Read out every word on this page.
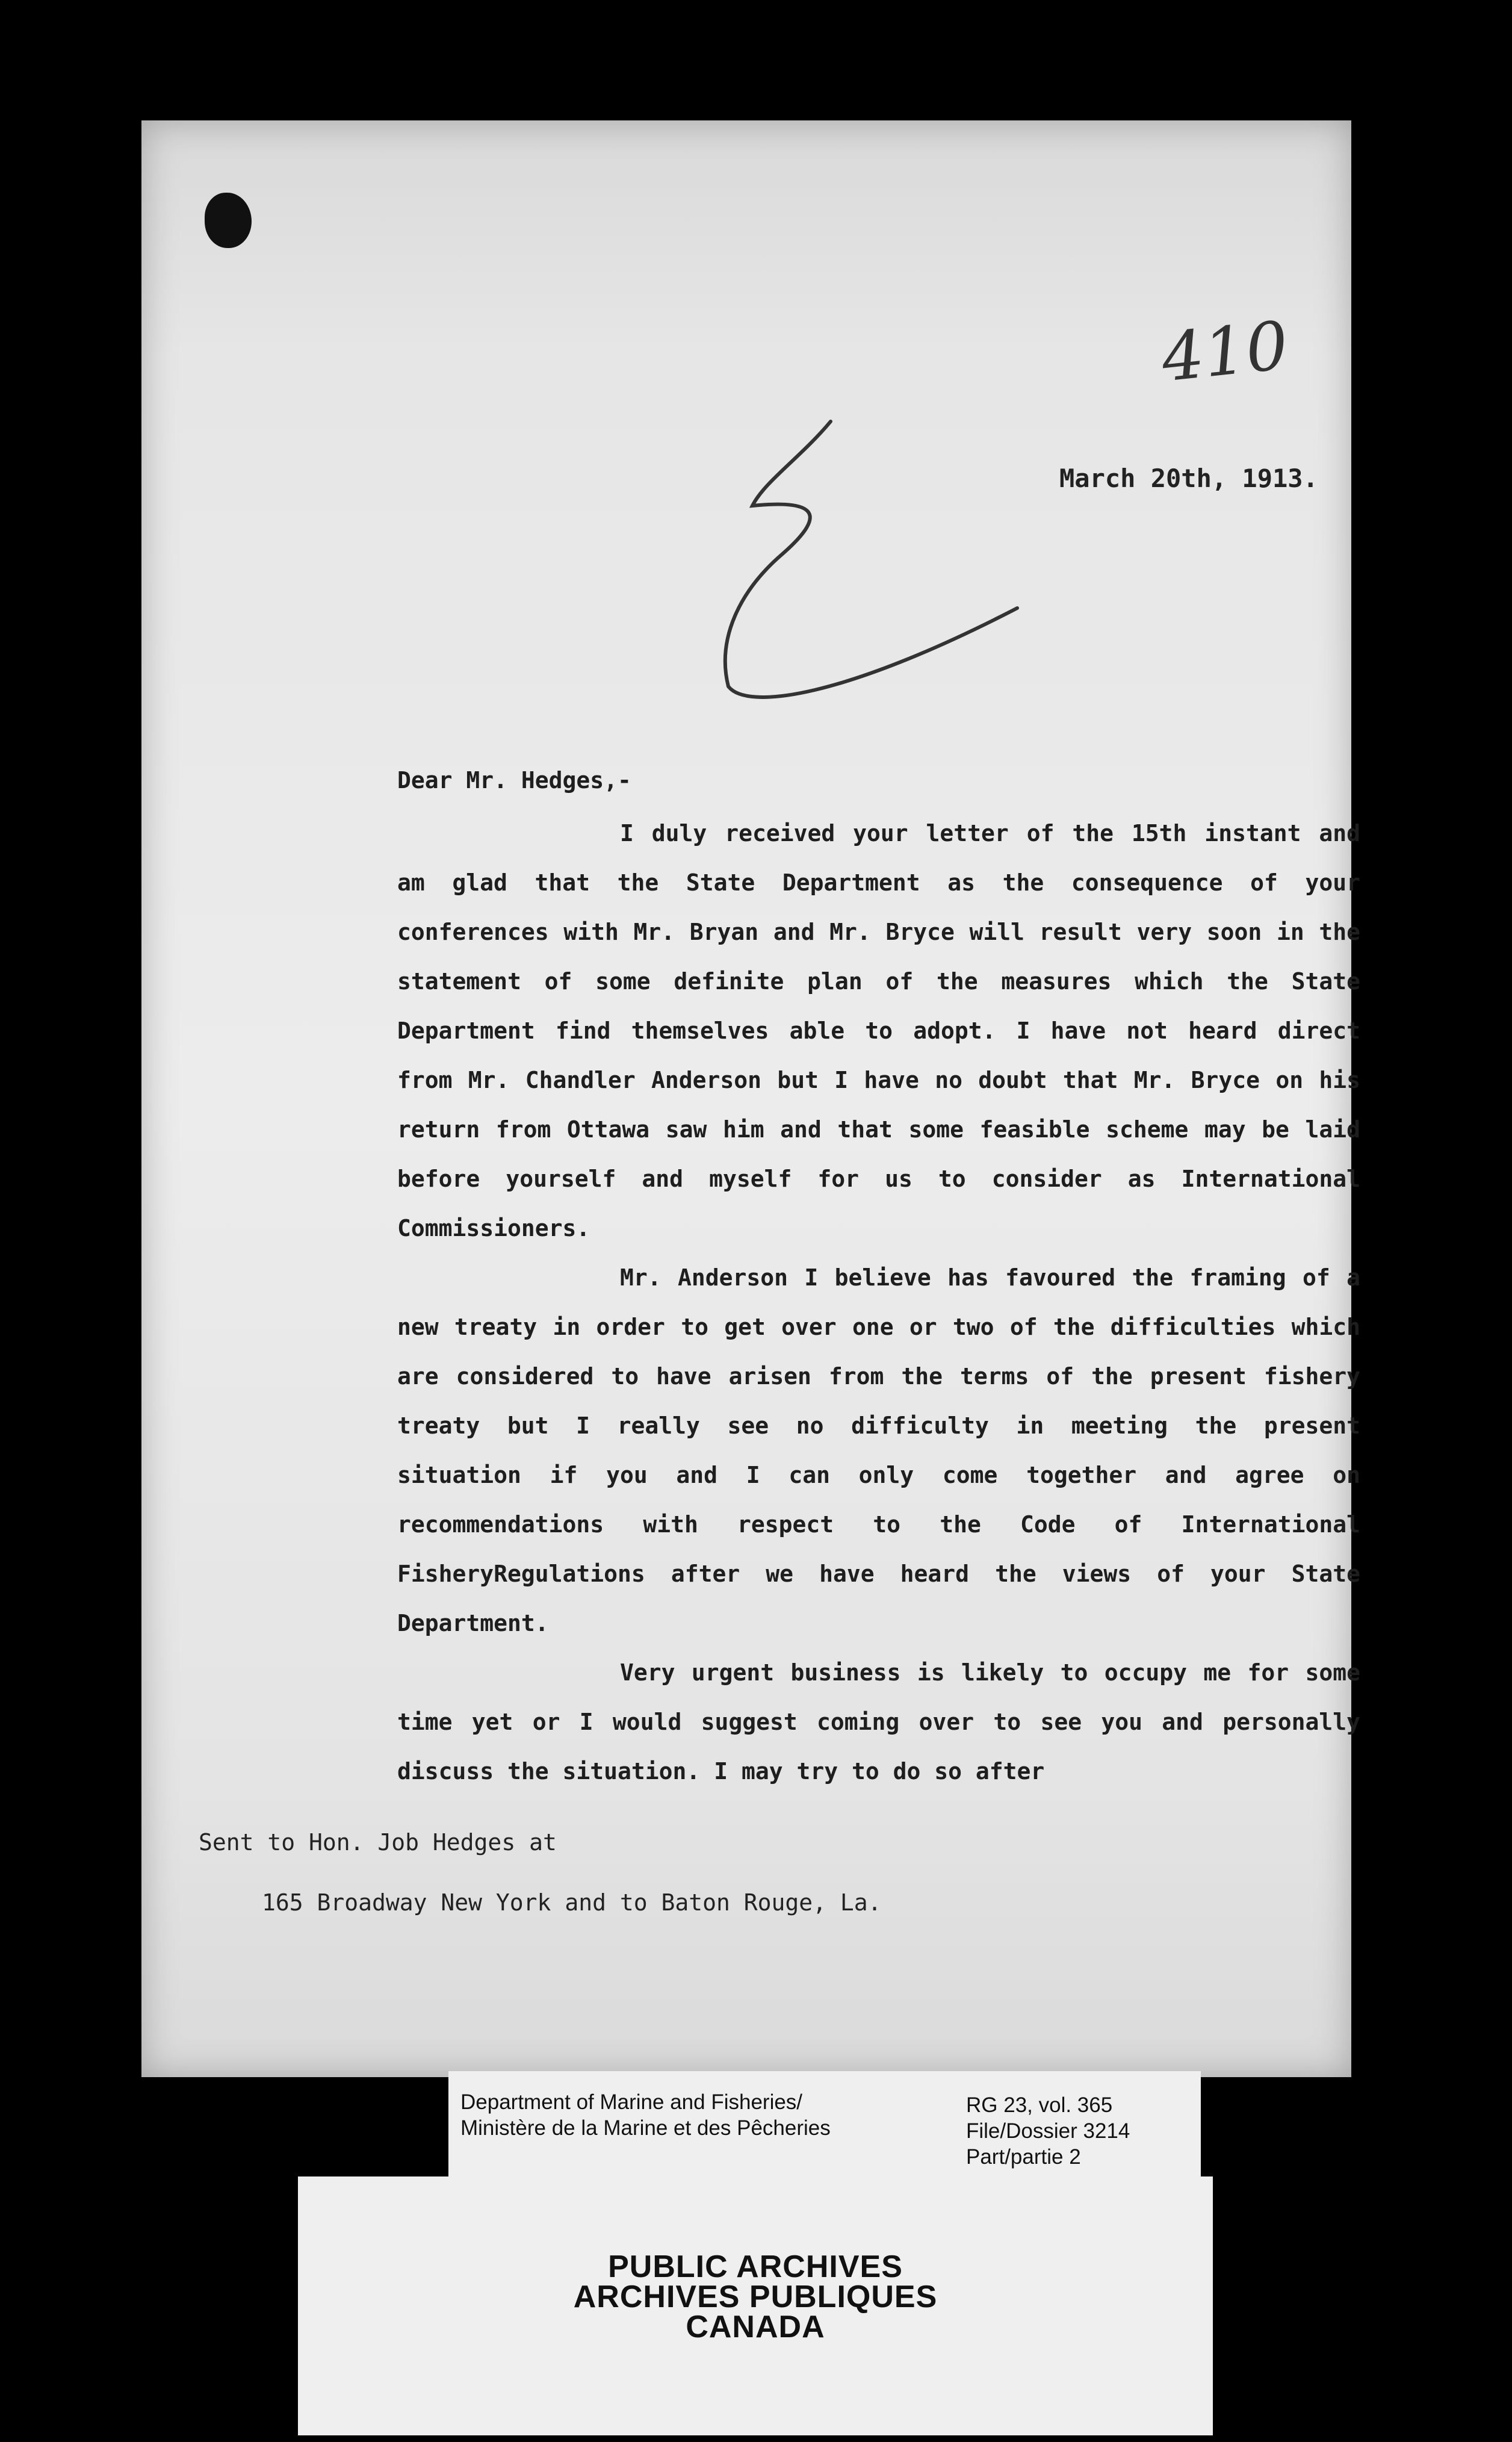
410
March 20th, 1913.

Dear Mr. Hedges,-

I duly received your letter of the 15th instant and am glad that the State Department as the consequence of your conferences with Mr. Bryan and Mr. Bryce will result very soon in the statement of some definite plan of the measures which the State Department find themselves able to adopt. I have not heard direct from Mr. Chandler Anderson but I have no doubt that Mr. Bryce on his return from Ottawa saw him and that some feasible scheme may be laid before yourself and myself for us to consider as International Commissioners.

Mr. Anderson I believe has favoured the framing of a new treaty in order to get over one or two of the difficulties which are considered to have arisen from the terms of the present fishery treaty but I really see no difficulty in meeting the present situation if you and I can only come together and agree on recommendations with respect to the Code of International FisheryRegulations after we have heard the views of your State Department.

Very urgent business is likely to occupy me for some time yet or I would suggest coming over to see you and personally discuss the situation. I may try to do so after

Sent to Hon. Job Hedges at
165 Broadway New York and to Baton Rouge, La.
Department of Marine and Fisheries/
Ministère de la Marine et des Pêcheries
RG 23, vol. 365
File/Dossier 3214
Part/partie 2
PUBLIC ARCHIVES
ARCHIVES PUBLIQUES
CANADA
